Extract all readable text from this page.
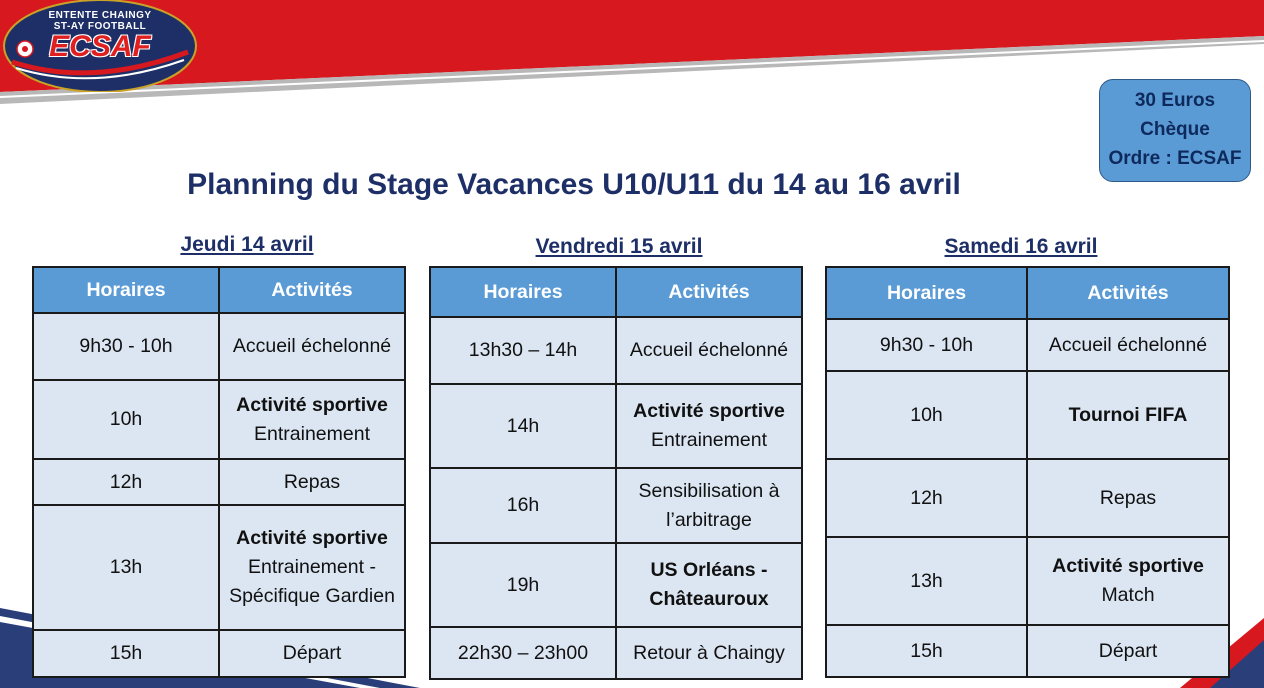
ENTENTE CHAINGY
ST-AY FOOTBALL
ECSAF
30 Euros
Chèque
Ordre : ECSAF
Planning du Stage Vacances U10/U11 du 14 au 16 avril
Jeudi 14 avril	Vendredi 15 avril	Samedi 16 avril
Horaires	Activités
9h30 - 10h	Accueil échelonné

10h	Activité sportive
Entrainement

12h	Repas

13h	Activité sportive
Entrainement - Spécifique Gardien

15h	Départ
Horaires	Activités
13h30 – 14h	Accueil échelonné

14h	Activité sportive
Entrainement

16h	Sensibilisation à l’arbitrage

19h	US Orléans - Châteauroux

22h30 – 23h00	Retour à Chaingy
Horaires	Activités
9h30 - 10h	Accueil échelonné

10h	Tournoi FIFA

12h	Repas

13h	Activité sportive
Match

15h	Départ
